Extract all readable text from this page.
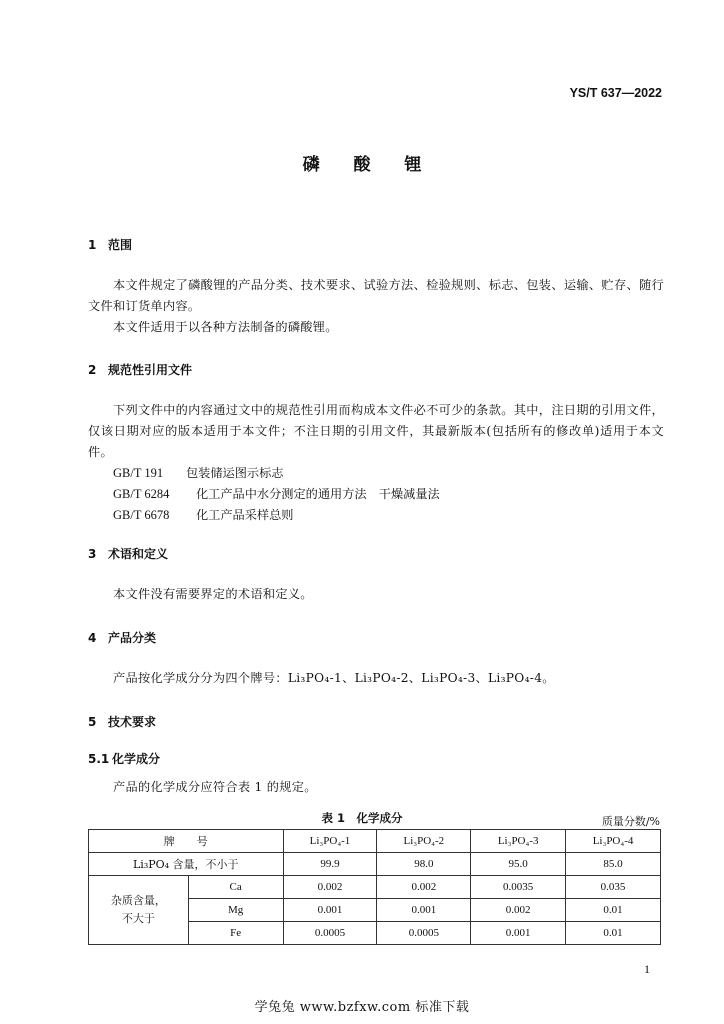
YS/T 637—2022
磷 酸 锂
1 范围
本文件规定了磷酸锂的产品分类、技术要求、试验方法、检验规则、标志、包装、运输、贮存、随行文件和订货单内容。
本文件适用于以各种方法制备的磷酸锂。
2 规范性引用文件
下列文件中的内容通过文中的规范性引用而构成本文件必不可少的条款。其中，注日期的引用文件，仅该日期对应的版本适用于本文件；不注日期的引用文件，其最新版本(包括所有的修改单)适用于本文件。
GB/T 191 包装储运图示标志
GB/T 6284 化工产品中水分测定的通用方法　干燥减量法
GB/T 6678 化工产品采样总则
3 术语和定义
本文件没有需要界定的术语和定义。
4 产品分类
产品按化学成分分为四个牌号：Li₃PO₄-1、Li₃PO₄-2、Li₃PO₄-3、Li₃PO₄-4。
5 技术要求
5.1 化学成分
产品的化学成分应符合表 1 的规定。
表 1　化学成分	质量分数/%
牌　　号		Li₃PO₄-1	Li₃PO₄-2	Li₃PO₄-3	Li₃PO₄-4
Li₃PO₄ 含量，不小于		99.9	98.0	95.0	85.0
杂质含量，
不大于	Ca	0.002	0.002	0.0035	0.035
	Mg	0.001	0.001	0.002	0.01
	Fe	0.0005	0.0005	0.001	0.01
1
学兔兔 www.bzfxw.com 标准下载
